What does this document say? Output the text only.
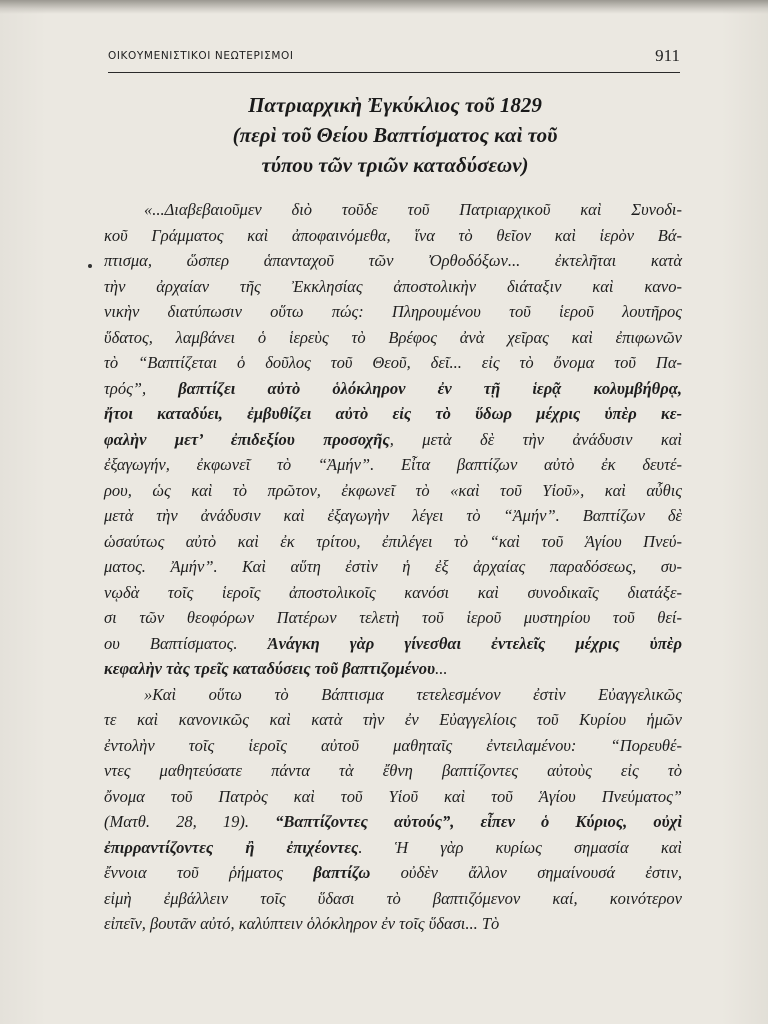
ΟΙΚΟΥΜΕΝΙΣΤΙΚΟΙ ΝΕΩΤΕΡΙΣΜΟΙ	911
Πατριαρχικὴ Ἐγκύκλιος τοῦ 1829
(περὶ τοῦ Θείου Βαπτίσματος καὶ τοῦ
τύπου τῶν τριῶν καταδύσεων)
«...Διαβεβαιοῦμεν διὸ τοῦδε τοῦ Πατριαρχικοῦ καὶ Συνοδι-
κοῦ Γράμματος καὶ ἀποφαινόμεθα, ἵνα τὸ θεῖον καὶ ἱερὸν Βά-
πτισμα, ὥσπερ ἁπανταχοῦ τῶν Ὀρθοδόξων... ἐκτελῆται κατὰ
τὴν ἀρχαίαν τῆς Ἐκκλησίας ἀποστολικὴν διάταξιν καὶ κανο-
νικὴν διατύπωσιν οὕτω πώς: Πληρουμένου τοῦ ἱεροῦ λουτῆρος
ὕδατος, λαμβάνει ὁ ἱερεὺς τὸ Βρέφος ἀνὰ χεῖρας καὶ ἐπιφωνῶν
τὸ “Βαπτίζεται ὁ δοῦλος τοῦ Θεοῦ, δεῖ... εἰς τὸ ὄνομα τοῦ Πα-
τρός”, βαπτίζει αὐτὸ ὁλόκληρον ἐν τῇ ἱερᾷ κολυμβήθρᾳ,
ἤτοι καταδύει, ἐμβυθίζει αὐτὸ εἰς τὸ ὕδωρ μέχρις ὑπὲρ κε-
φαλὴν μετ’ ἐπιδεξίου προσοχῆς, μετὰ δὲ τὴν ἀνάδυσιν καὶ
ἐξαγωγήν, ἐκφωνεῖ τὸ “Ἀμήν”. Εἶτα βαπτίζων αὐτὸ ἐκ δευτέ-
ρου, ὡς καὶ τὸ πρῶτον, ἐκφωνεῖ τὸ «καὶ τοῦ Υἱοῦ», καὶ αὖθις
μετὰ τὴν ἀνάδυσιν καὶ ἐξαγωγὴν λέγει τὸ “Ἀμήν”. Βαπτίζων δὲ
ὡσαύτως αὐτὸ καὶ ἐκ τρίτου, ἐπιλέγει τὸ “καὶ τοῦ Ἁγίου Πνεύ-
ματος. Ἀμήν”. Καὶ αὕτη ἐστὶν ἡ ἐξ ἀρχαίας παραδόσεως, συ-
νῳδὰ τοῖς ἱεροῖς ἀποστολικοῖς κανόσι καὶ συνοδικαῖς διατάξε-
σι τῶν θεοφόρων Πατέρων τελετὴ τοῦ ἱεροῦ μυστηρίου τοῦ θεί-
ου Βαπτίσματος. Ἀνάγκη γὰρ γίνεσθαι ἐντελεῖς μέχρις ὑπὲρ
κεφαλὴν τὰς τρεῖς καταδύσεις τοῦ βαπτιζομένου...
»Καὶ οὕτω τὸ Βάπτισμα τετελεσμένον ἐστὶν Εὐαγγελικῶς
τε καὶ κανονικῶς καὶ κατὰ τὴν ἐν Εὐαγγελίοις τοῦ Κυρίου ἡμῶν
ἐντολὴν τοῖς ἱεροῖς αὐτοῦ μαθηταῖς ἐντειλαμένου: “Πορευθέ-
ντες μαθητεύσατε πάντα τὰ ἔθνη βαπτίζοντες αὐτοὺς εἰς τὸ
ὄνομα τοῦ Πατρὸς καὶ τοῦ Υἱοῦ καὶ τοῦ Ἁγίου Πνεύματος”
(Ματθ. 28, 19). “Βαπτίζοντες αὐτούς”, εἶπεν ὁ Κύριος, οὐχὶ
ἐπιρραντίζοντες ἢ ἐπιχέοντες. Ἡ γὰρ κυρίως σημασία καὶ
ἔννοια τοῦ ῥήματος βαπτίζω οὐδὲν ἄλλον σημαίνουσά ἐστιν,
εἰμὴ ἐμβάλλειν τοῖς ὕδασι τὸ βαπτιζόμενον καί, κοινότερον
εἰπεῖν, βουτᾶν αὐτό, καλύπτειν ὁλόκληρον ἐν τοῖς ὕδασι... Τὸ
